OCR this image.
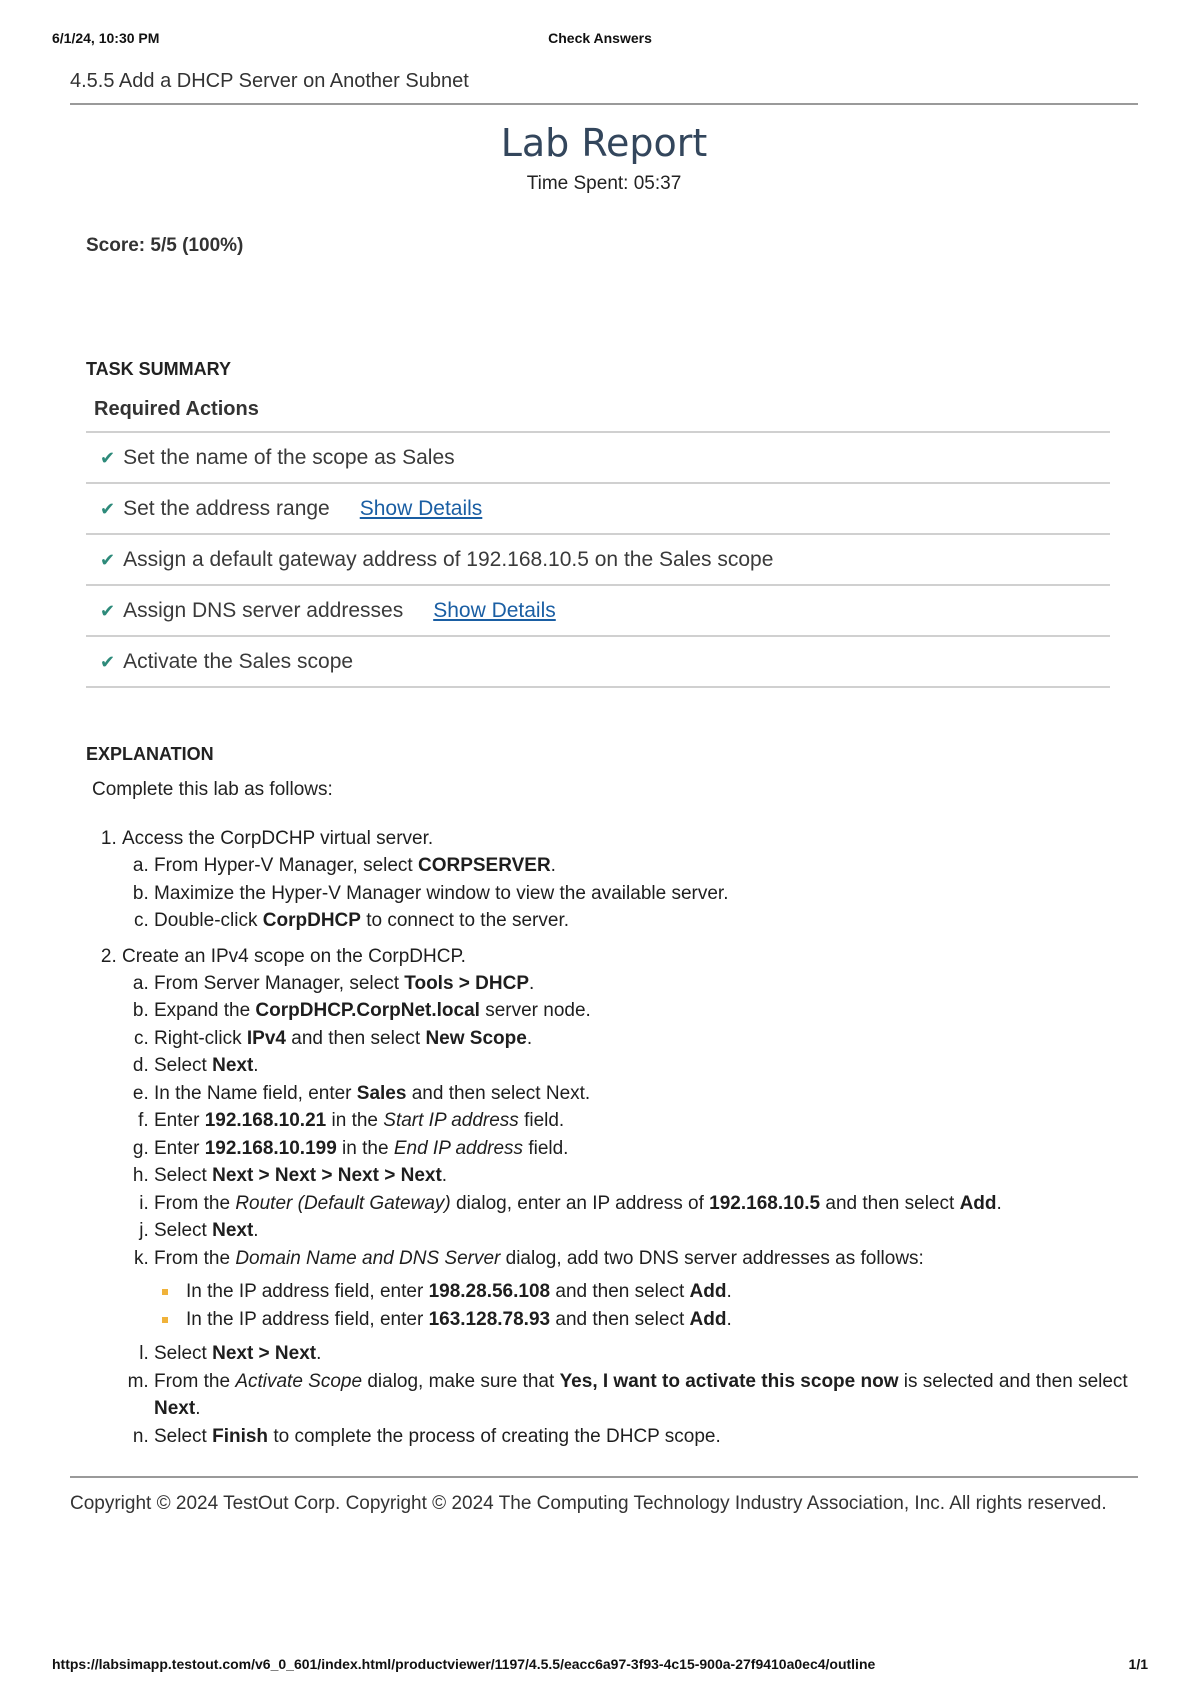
6/1/24, 10:30 PM	Check Answers
4.5.5 Add a DHCP Server on Another Subnet
Lab Report
Time Spent: 05:37
Score: 5/5 (100%)
TASK SUMMARY
Required Actions
✔ Set the name of the scope as Sales
✔ Set the address range Show Details
✔ Assign a default gateway address of 192.168.10.5 on the Sales scope
✔ Assign DNS server addresses Show Details
✔ Activate the Sales scope
EXPLANATION
Complete this lab as follows:
1. Access the CorpDCHP virtual server.
a. From Hyper-V Manager, select CORPSERVER.
b. Maximize the Hyper-V Manager window to view the available server.
c. Double-click CorpDHCP to connect to the server.
2. Create an IPv4 scope on the CorpDHCP.
a. From Server Manager, select Tools > DHCP.
b. Expand the CorpDHCP.CorpNet.local server node.
c. Right-click IPv4 and then select New Scope.
d. Select Next.
e. In the Name field, enter Sales and then select Next.
f. Enter 192.168.10.21 in the Start IP address field.
g. Enter 192.168.10.199 in the End IP address field.
h. Select Next > Next > Next > Next.
i. From the Router (Default Gateway) dialog, enter an IP address of 192.168.10.5 and then select Add.
j. Select Next.
k. From the Domain Name and DNS Server dialog, add two DNS server addresses as follows:
In the IP address field, enter 198.28.56.108 and then select Add.
In the IP address field, enter 163.128.78.93 and then select Add.
l. Select Next > Next.
m. From the Activate Scope dialog, make sure that Yes, I want to activate this scope now is selected and then select Next.
n. Select Finish to complete the process of creating the DHCP scope.
Copyright © 2024 TestOut Corp. Copyright © 2024 The Computing Technology Industry Association, Inc. All rights reserved.
https://labsimapp.testout.com/v6_0_601/index.html/productviewer/1197/4.5.5/eacc6a97-3f93-4c15-900a-27f9410a0ec4/outline	1/1
